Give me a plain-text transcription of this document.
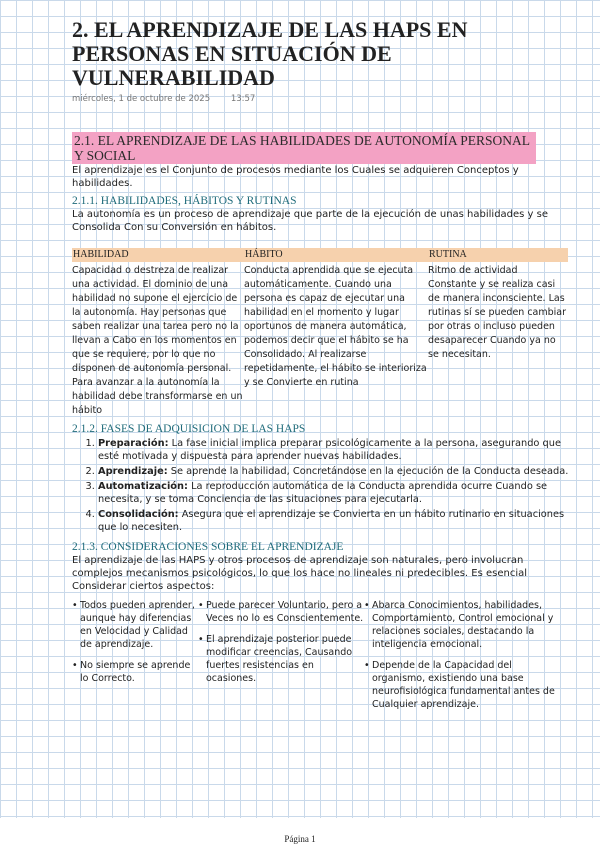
2. EL APRENDIZAJE DE LAS HAPS EN PERSONAS EN SITUACIÓN DE VULNERABILIDAD
miércoles, 1 de octubre de 2025 13:57
2.1. EL APRENDIZAJE DE LAS HABILIDADES DE AUTONOMÍA PERSONAL Y SOCIAL
El aprendizaje es el Conjunto de procesos mediante los Cuales se adquieren Conceptos y habilidades.
2.1.1. HABILIDADES, HÁBITOS Y RUTINAS
La autonomía es un proceso de aprendizaje que parte de la ejecución de unas habilidades y se Consolida Con su Conversión en hábitos.
HABILIDAD
Capacidad o destreza de realizar una actividad. El dominio de una habilidad no supone el ejercicio de la autonomía. Hay personas que saben realizar una tarea pero no la llevan a Cabo en los momentos en que se requiere, por lo que no disponen de autonomía personal. Para avanzar a la autonomía la habilidad debe transformarse en un hábito
HÁBITO
Conducta aprendida que se ejecuta automáticamente. Cuando una persona es capaz de ejecutar una habilidad en el momento y lugar oportunos de manera automática, podemos decir que el hábito se ha Consolidado. Al realizarse repetidamente, el hábito se interioriza y se Convierte en rutina
RUTINA
Ritmo de actividad Constante y se realiza casi de manera inconsciente. Las rutinas sí se pueden cambiar por otras o incluso pueden desaparecer Cuando ya no se necesitan.
2.1.2. FASES DE ADQUISICION DE LAS HAPS
1. Preparación: La fase inicial implica preparar psicológicamente a la persona, asegurando que esté motivada y dispuesta para aprender nuevas habilidades.
2. Aprendizaje: Se aprende la habilidad, Concretándose en la ejecución de la Conducta deseada.
3. Automatización: La reproducción automática de la Conducta aprendida ocurre Cuando se necesita, y se toma Conciencia de las situaciones para ejecutarla.
4. Consolidación: Asegura que el aprendizaje se Convierta en un hábito rutinario en situaciones que lo necesiten.
2.1.3. CONSIDERACIONES SOBRE EL APRENDIZAJE
El aprendizaje de las HAPS y otros procesos de aprendizaje son naturales, pero involucran complejos mecanismos psicológicos, lo que los hace no lineales ni predecibles. Es esencial Considerar ciertos aspectos:
• Todos pueden aprender, aunque hay diferencias en Velocidad y Calidad de aprendizaje.
• No siempre se aprende lo Correcto.
• Puede parecer Voluntario, pero a Veces no lo es Conscientemente.
• El aprendizaje posterior puede modificar creencias, Causando fuertes resistencias en ocasiones.
• Abarca Conocimientos, habilidades, Comportamiento, Control emocional y relaciones sociales, destacando la inteligencia emocional.
• Depende de la Capacidad del organismo, existiendo una base neurofisiológica fundamental antes de Cualquier aprendizaje.
Página 1
